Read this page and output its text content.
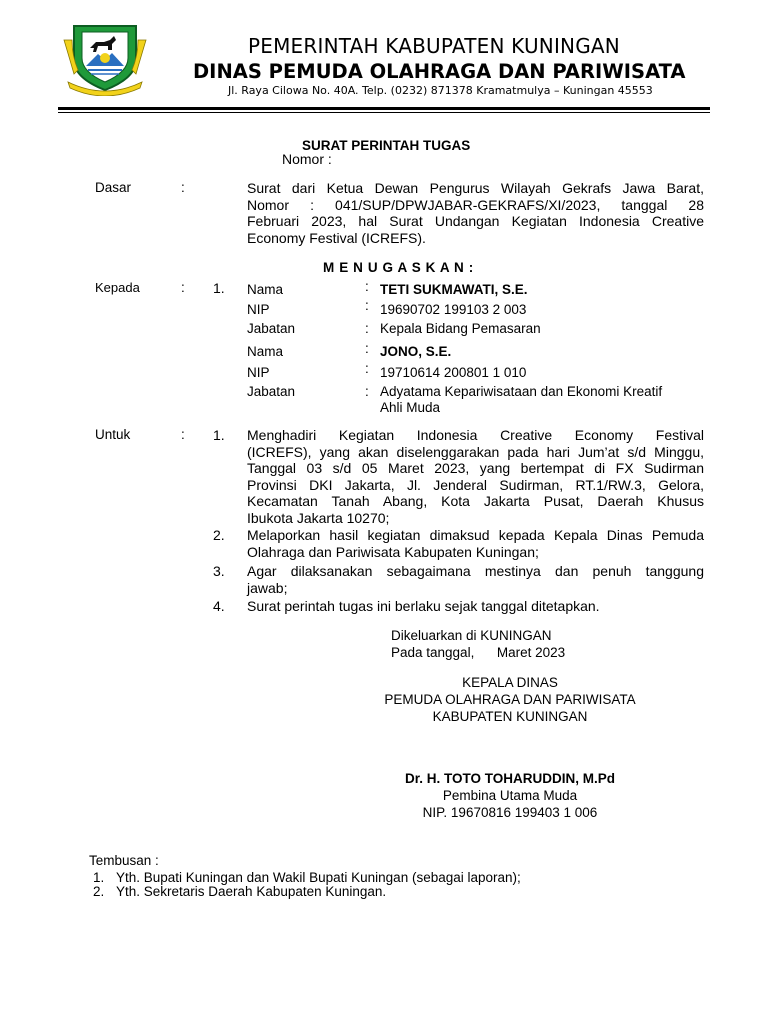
PEMERINTAH KABUPATEN KUNINGAN
DINAS PEMUDA OLAHRAGA DAN PARIWISATA
Jl. Raya Cilowa No. 40A. Telp. (0232) 871378 Kramatmulya – Kuningan 45553
SURAT PERINTAH TUGAS
Nomor :
Dasar	:	Surat dari Ketua Dewan Pengurus Wilayah Gekrafs Jawa Barat,
Nomor : 041/SUP/DPWJABAR-GEKRAFS/XI/2023, tanggal 28
Februari 2023, hal Surat Undangan Kegiatan Indonesia Creative
Economy Festival (ICREFS).
M E N U G A S K A N :
Kepada	: 1. Nama	: TETI SUKMAWATI, S.E.
NIP	: 19690702 199103 2 003
Jabatan	: Kepala Bidang Pemasaran
Nama	: JONO, S.E.
NIP	: 19710614 200801 1 010
Jabatan	: Adyatama Kepariwisataan dan Ekonomi Kreatif
Ahli Muda
Untuk	: 1. Menghadiri Kegiatan Indonesia Creative Economy Festival
(ICREFS), yang akan diselenggarakan pada hari Jum’at s/d Minggu,
Tanggal 03 s/d 05 Maret 2023, yang bertempat di FX Sudirman
Provinsi DKI Jakarta, Jl. Jenderal Sudirman, RT.1/RW.3, Gelora,
Kecamatan Tanah Abang, Kota Jakarta Pusat, Daerah Khusus
Ibukota Jakarta 10270;
2. Melaporkan hasil kegiatan dimaksud kepada Kepala Dinas Pemuda
Olahraga dan Pariwisata Kabupaten Kuningan;
3. Agar dilaksanakan sebagaimana mestinya dan penuh tanggung
jawab;
4. Surat perintah tugas ini berlaku sejak tanggal ditetapkan.
Dikeluarkan di KUNINGAN
Pada tanggal,      Maret 2023
KEPALA DINAS
PEMUDA OLAHRAGA DAN PARIWISATA
KABUPATEN KUNINGAN
Dr. H. TOTO TOHARUDDIN, M.Pd
Pembina Utama Muda
NIP. 19670816 199403 1 006
Tembusan :
1. Yth. Bupati Kuningan dan Wakil Bupati Kuningan (sebagai laporan);
2. Yth. Sekretaris Daerah Kabupaten Kuningan.
